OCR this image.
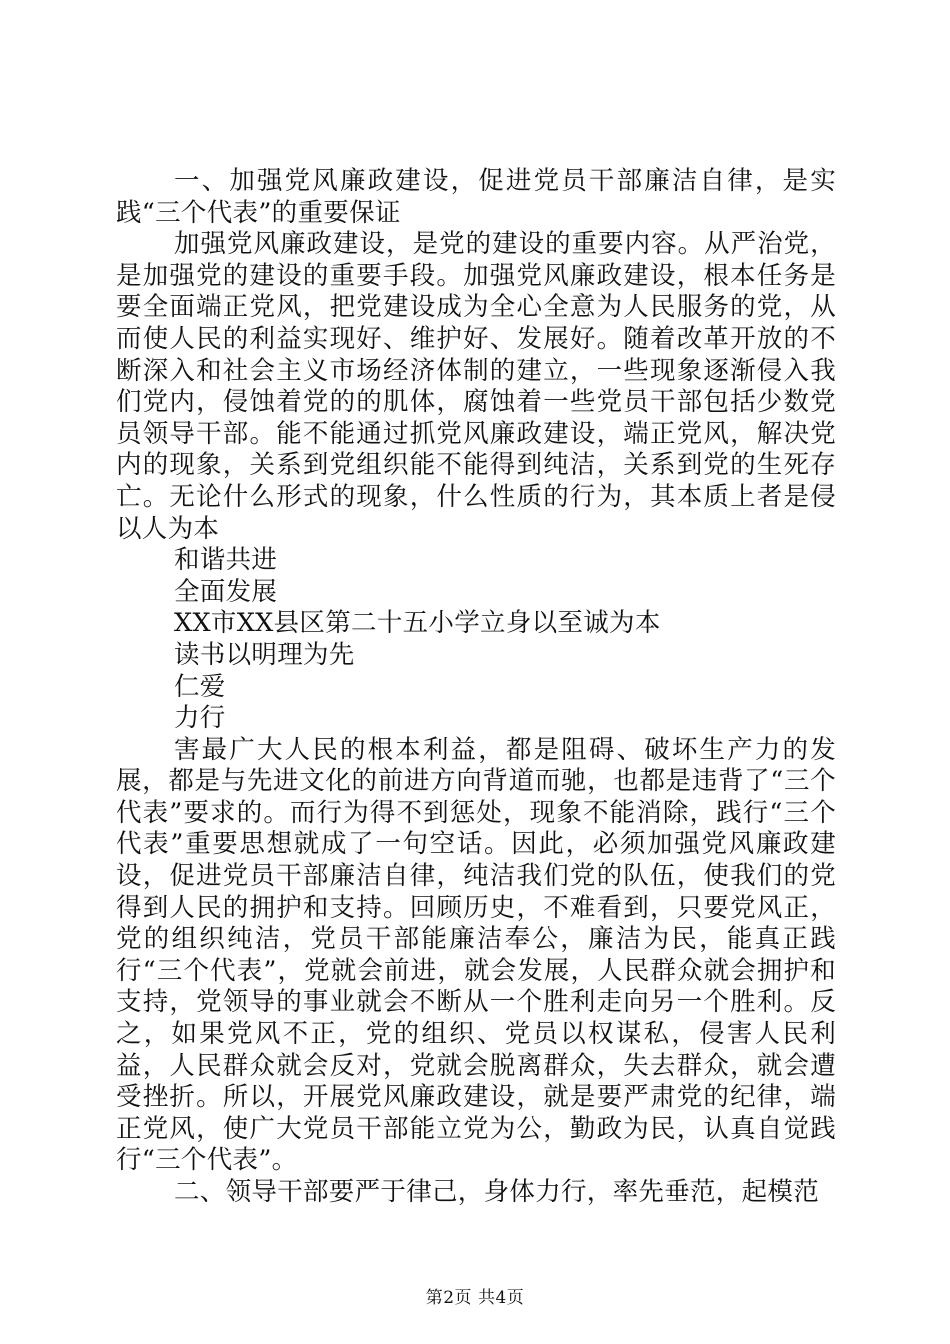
一、加强党风廉政建设，促进党员干部廉洁自律，是实践“三个代表”的重要保证

加强党风廉政建设，是党的建设的重要内容。从严治党，是加强党的建设的重要手段。加强党风廉政建设，根本任务是要全面端正党风，把党建设成为全心全意为人民服务的党，从而使人民的利益实现好、维护好、发展好。随着改革开放的不断深入和社会主义市场经济体制的建立，一些现象逐渐侵入我们党内，侵蚀着党的的肌体，腐蚀着一些党员干部包括少数党员领导干部。能不能通过抓党风廉政建设，端正党风，解决党内的现象，关系到党组织能不能得到纯洁，关系到党的生死存亡。无论什么形式的现象，什么性质的行为，其本质上者是侵以人为本

和谐共进

全面发展

XX市XX县区第二十五小学立身以至诚为本

读书以明理为先

仁爱

力行

害最广大人民的根本利益，都是阻碍、破坏生产力的发展，都是与先进文化的前进方向背道而驰，也都是违背了“三个代表”要求的。而行为得不到惩处，现象不能消除，践行“三个代表”重要思想就成了一句空话。因此，必须加强党风廉政建设，促进党员干部廉洁自律，纯洁我们党的队伍，使我们的党得到人民的拥护和支持。回顾历史，不难看到，只要党风正，党的组织纯洁，党员干部能廉洁奉公，廉洁为民，能真正践行“三个代表”，党就会前进，就会发展，人民群众就会拥护和支持，党领导的事业就会不断从一个胜利走向另一个胜利。反之，如果党风不正，党的组织、党员以权谋私，侵害人民利益，人民群众就会反对，党就会脱离群众，失去群众，就会遭受挫折。所以，开展党风廉政建设，就是要严肃党的纪律，端正党风，使广大党员干部能立党为公，勤政为民，认真自觉践行“三个代表”。

二、领导干部要严于律己，身体力行，率先垂范，起模范

第2页 共4页
